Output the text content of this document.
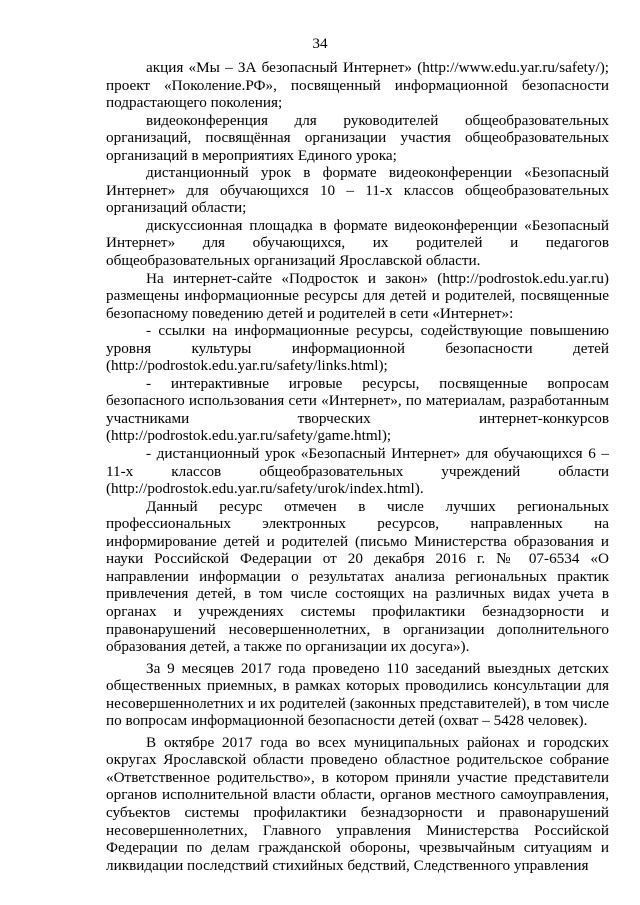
34

акция «Мы – ЗА безопасный Интернет» (http://www.edu.yar.ru/safety/); проект «Поколение.РФ», посвященный информационной безопасности подрастающего поколения;

видеоконференция для руководителей общеобразовательных организаций, посвящённая организации участия общеобразовательных организаций в мероприятиях Единого урока;

дистанционный урок в формате видеоконференции «Безопасный Интернет» для обучающихся 10 – 11-х классов общеобразовательных организаций области;

дискуссионная площадка в формате видеоконференции «Безопасный Интернет» для обучающихся, их родителей и педагогов общеобразовательных организаций Ярославской области.

На интернет-сайте «Подросток и закон» (http://podrostok.edu.yar.ru) размещены информационные ресурсы для детей и родителей, посвященные безопасному поведению детей и родителей в сети «Интернет»:

- ссылки на информационные ресурсы, содействующие повышению уровня культуры информационной безопасности детей (http://podrostok.edu.yar.ru/safety/links.html);

- интерактивные игровые ресурсы, посвященные вопросам безопасного использования сети «Интернет», по материалам, разработанным участниками творческих интернет-конкурсов (http://podrostok.edu.yar.ru/safety/game.html);

- дистанционный урок «Безопасный Интернет» для обучающихся 6 – 11-х классов общеобразовательных учреждений области (http://podrostok.edu.yar.ru/safety/urok/index.html).

Данный ресурс отмечен в числе лучших региональных профессиональных электронных ресурсов, направленных на информирование детей и родителей (письмо Министерства образования и науки Российской Федерации от 20 декабря 2016 г. № 07-6534 «О направлении информации о результатах анализа региональных практик привлечения детей, в том числе состоящих на различных видах учета в органах и учреждениях системы профилактики безнадзорности и правонарушений несовершеннолетних, в организации дополнительного образования детей, а также по организации их досуга»).

За 9 месяцев 2017 года проведено 110 заседаний выездных детских общественных приемных, в рамках которых проводились консультации для несовершеннолетних и их родителей (законных представителей), в том числе по вопросам информационной безопасности детей (охват – 5428 человек).

В октябре 2017 года во всех муниципальных районах и городских округах Ярославской области проведено областное родительское собрание «Ответственное родительство», в котором приняли участие представители органов исполнительной власти области, органов местного самоуправления, субъектов системы профилактики безнадзорности и правонарушений несовершеннолетних, Главного управления Министерства Российской Федерации по делам гражданской обороны, чрезвычайным ситуациям и ликвидации последствий стихийных бедствий, Следственного управления
